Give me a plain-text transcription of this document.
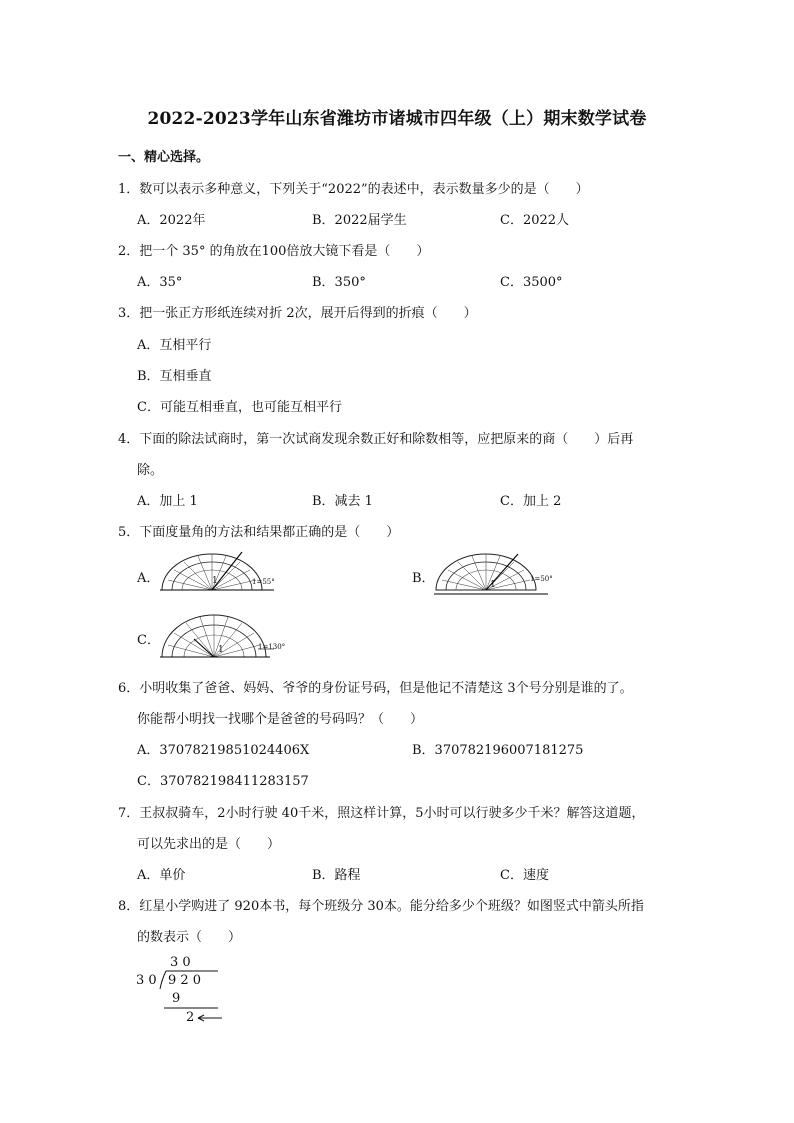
2022-2023学年山东省潍坊市诸城市四年级（上）期末数学试卷
一、精心选择。
1．数可以表示多种意义，下列关于“2022”的表述中，表示数量多少的是（　　）
A．2022年	B．2022届学生	C．2022人
2．把一个 35° 的角放在100倍放大镜下看是（　　）
A．35°	B．350°	C．3500°
3．把一张正方形纸连续对折 2次，展开后得到的折痕（　　）
A．互相平行
B．互相垂直
C．可能互相垂直，也可能互相平行
4．下面的除法试商时，第一次试商发现余数正好和除数相等，应把原来的商（　　）后再
除。
A．加上 1	B．减去 1	C．加上 2
5．下面度量角的方法和结果都正确的是（　　）
A．	1=55°
1	B．	1=50°
1
C．	1=130°
1
6．小明收集了爸爸、妈妈、爷爷的身份证号码，但是他记不清楚这 3个号分别是谁的了。
你能帮小明找一找哪个是爸爸的号码吗？（　　）
A．37078219851024406X	B．370782196007181275
C．370782198411283157
7．王叔叔骑车，2小时行驶 40千米，照这样计算，5小时可以行驶多少千米？解答这道题，
可以先求出的是（　　）
A．单价	B．路程	C．速度
8．红星小学购进了 920本书，每个班级分 30本。能分给多少个班级？如图竖式中箭头所指
的数表示（　　）
3 0
3 0 9 2 0
9
2
